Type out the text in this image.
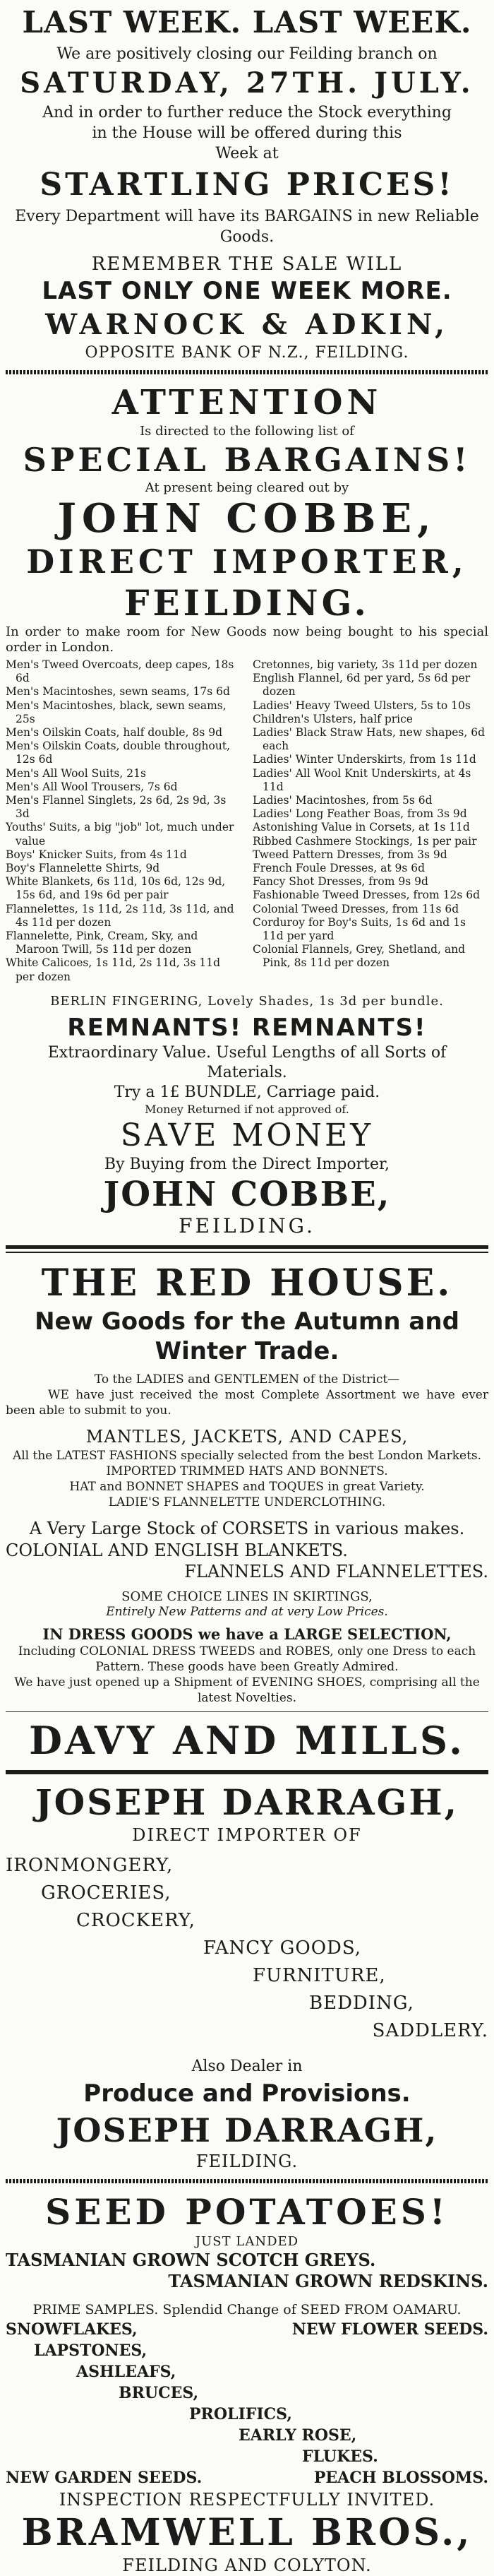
LAST WEEK. LAST WEEK.
We are positively closing our Feilding branch on
SATURDAY, 27TH. JULY.
And in order to further reduce the Stock everything
in the House will be offered during this
Week at
STARTLING PRICES!
Every Department will have its BARGAINS in new Reliable
Goods.
REMEMBER THE SALE WILL
LAST ONLY ONE WEEK MORE.
WARNOCK & ADKIN,
OPPOSITE BANK OF N.Z., FEILDING.
ATTENTION
Is directed to the following list of
SPECIAL BARGAINS!
At present being cleared out by
JOHN COBBE,
DIRECT IMPORTER,
FEILDING.
In order to make room for New Goods now being bought to his special order in London.
Men's Tweed Overcoats, deep capes, 18s 6d
Men's Macintoshes, sewn seams, 17s 6d
Men's Macintoshes, black, sewn seams, 25s
Men's Oilskin Coats, half double, 8s 9d
Men's Oilskin Coats, double throughout, 12s 6d
Men's All Wool Suits, 21s
Men's All Wool Trousers, 7s 6d
Men's Flannel Singlets, 2s 6d, 2s 9d, 3s 3d
Youths' Suits, a big "job" lot, much under value
Boys' Knicker Suits, from 4s 11d
Boy's Flannelette Shirts, 9d
White Blankets, 6s 11d, 10s 6d, 12s 9d, 15s 6d, and 19s 6d per pair
Flannelettes, 1s 11d, 2s 11d, 3s 11d, and 4s 11d per dozen
Flannelette, Pink, Cream, Sky, and Maroon Twill, 5s 11d per dozen
White Calicoes, 1s 11d, 2s 11d, 3s 11d per dozen
Cretonnes, big variety, 3s 11d per dozen
English Flannel, 6d per yard, 5s 6d per dozen
Ladies' Heavy Tweed Ulsters, 5s to 10s
Children's Ulsters, half price
Ladies' Black Straw Hats, new shapes, 6d each
Ladies' Winter Underskirts, from 1s 11d
Ladies' All Wool Knit Underskirts, at 4s 11d
Ladies' Macintoshes, from 5s 6d
Ladies' Long Feather Boas, from 3s 9d
Astonishing Value in Corsets, at 1s 11d
Ribbed Cashmere Stockings, 1s per pair
Tweed Pattern Dresses, from 3s 9d
French Foule Dresses, at 9s 6d
Fancy Shot Dresses, from 9s 9d
Fashionable Tweed Dresses, from 12s 6d
Colonial Tweed Dresses, from 11s 6d
Corduroy for Boy's Suits, 1s 6d and 1s 11d per yard
Colonial Flannels, Grey, Shetland, and Pink, 8s 11d per dozen
BERLIN FINGERING, Lovely Shades, 1s 3d per bundle.
REMNANTS! REMNANTS!
Extraordinary Value. Useful Lengths of all Sorts of
Materials.
Try a 1£ BUNDLE, Carriage paid.
Money Returned if not approved of.
SAVE MONEY
By Buying from the Direct Importer,
JOHN COBBE,
FEILDING.
THE RED HOUSE.
New Goods for the Autumn and
Winter Trade.
To the LADIES and GENTLEMEN of the District—
WE have just received the most Complete Assortment we have ever been able to submit to you.
MANTLES, JACKETS, AND CAPES,
All the LATEST FASHIONS specially selected from the best London Markets.
IMPORTED TRIMMED HATS AND BONNETS.
HAT and BONNET SHAPES and TOQUES in great Variety.
LADIE'S FLANNELETTE UNDERCLOTHING.
A Very Large Stock of CORSETS in various makes.
COLONIAL AND ENGLISH BLANKETS.
FLANNELS AND FLANNELETTES.
SOME CHOICE LINES IN SKIRTINGS,
Entirely New Patterns and at very Low Prices.
IN DRESS GOODS we have a LARGE SELECTION,
Including COLONIAL DRESS TWEEDS and ROBES, only one Dress to each Pattern. These goods have been Greatly Admired.
We have just opened up a Shipment of EVENING SHOES, comprising all the latest Novelties.
DAVY AND MILLS.
JOSEPH DARRAGH,
DIRECT IMPORTER OF
IRONMONGERY,
GROCERIES,
CROCKERY,
FANCY GOODS,
FURNITURE,
BEDDING,
SADDLERY.
Also Dealer in
Produce and Provisions.
JOSEPH DARRAGH,
FEILDING.
SEED POTATOES!
JUST LANDED
TASMANIAN GROWN SCOTCH GREYS.
TASMANIAN GROWN REDSKINS.
PRIME SAMPLES. Splendid Change of SEED FROM OAMARU.
SNOWFLAKES,	NEW FLOWER SEEDS.
LAPSTONES,
ASHLEAFS,
BRUCES,
PROLIFICS,
EARLY ROSE,
FLUKES.
NEW GARDEN SEEDS.	PEACH BLOSSOMS.
INSPECTION RESPECTFULLY INVITED.
BRAMWELL BROS.,
FEILDING AND COLYTON.
